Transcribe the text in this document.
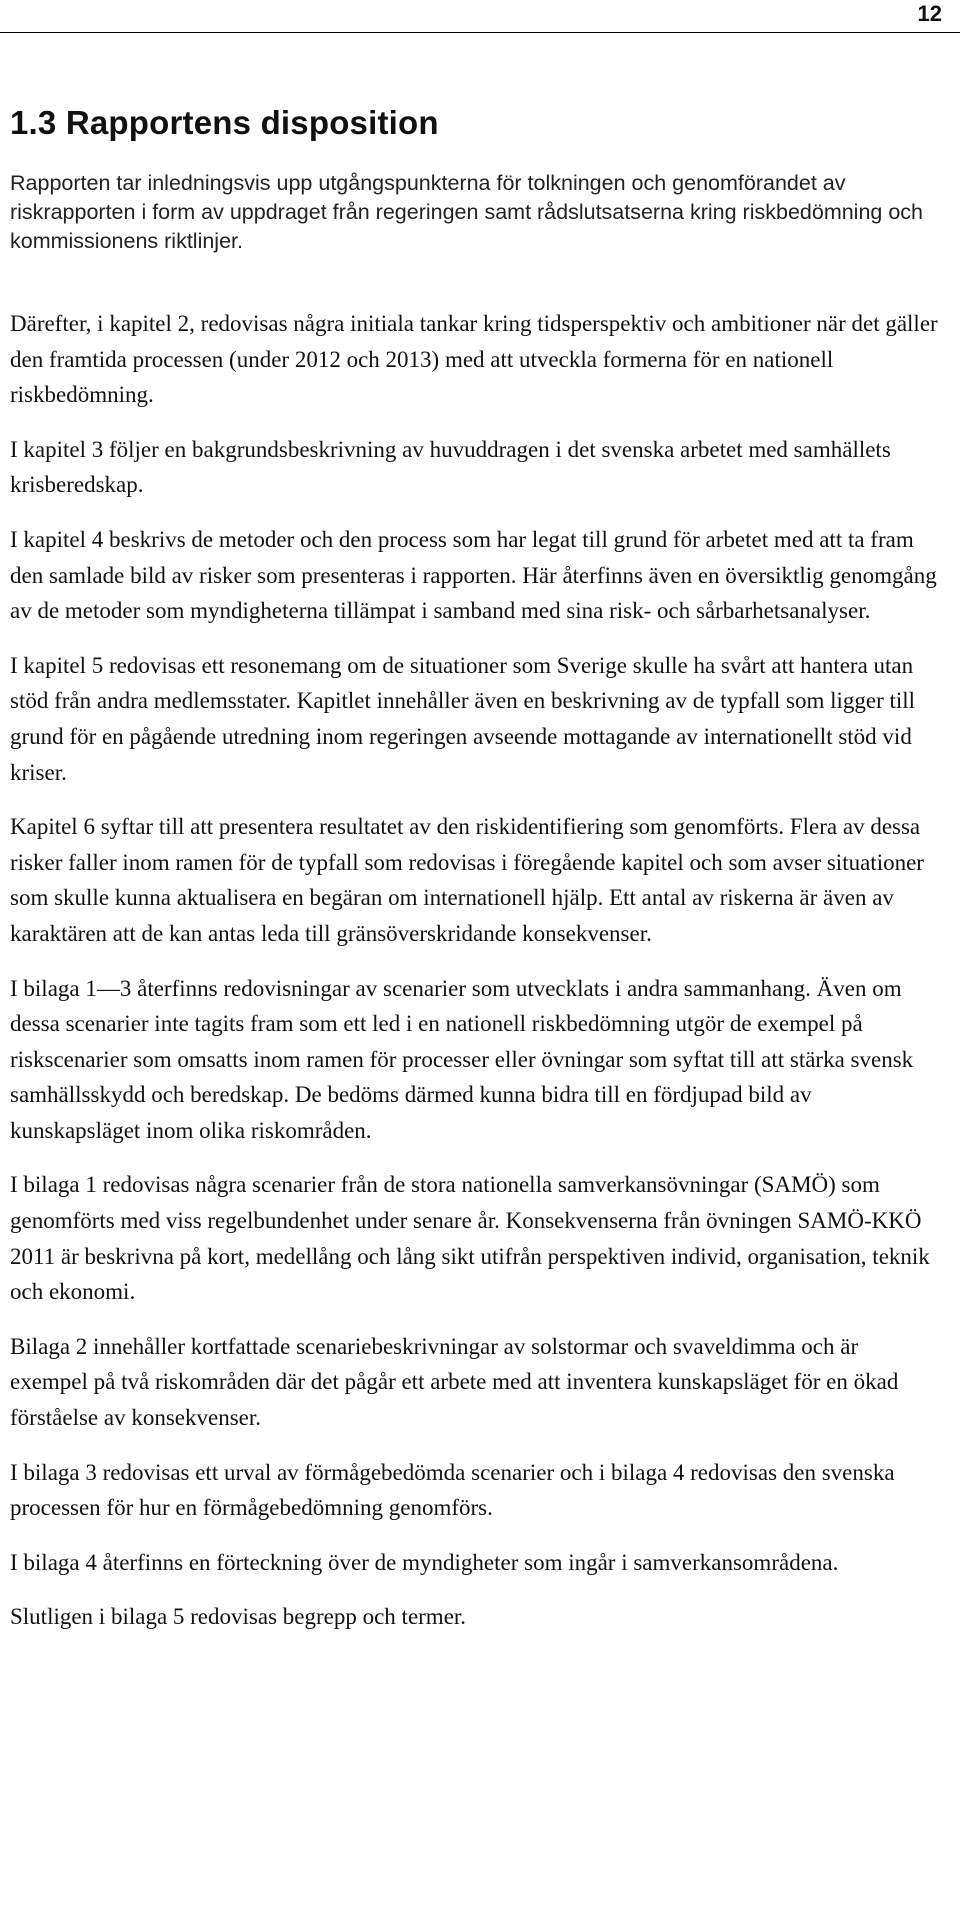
12
1.3 Rapportens disposition

Rapporten tar inledningsvis upp utgångspunkterna för tolkningen och genomförandet av riskrapporten i form av uppdraget från regeringen samt rådslutsatserna kring riskbedömning och kommissionens riktlinjer.

Därefter, i kapitel 2, redovisas några initiala tankar kring tidsperspektiv och ambitioner när det gäller den framtida processen (under 2012 och 2013) med att utveckla formerna för en nationell riskbedömning.

I kapitel 3 följer en bakgrundsbeskrivning av huvuddragen i det svenska arbetet med samhällets krisberedskap.

I kapitel 4 beskrivs de metoder och den process som har legat till grund för arbetet med att ta fram den samlade bild av risker som presenteras i rapporten. Här återfinns även en översiktlig genomgång av de metoder som myndigheterna tillämpat i samband med sina risk- och sårbarhetsanalyser.

I kapitel 5 redovisas ett resonemang om de situationer som Sverige skulle ha svårt att hantera utan stöd från andra medlemsstater. Kapitlet innehåller även en beskrivning av de typfall som ligger till grund för en pågående utredning inom regeringen avseende mottagande av internationellt stöd vid kriser.

Kapitel 6 syftar till att presentera resultatet av den riskidentifiering som genomförts. Flera av dessa risker faller inom ramen för de typfall som redovisas i föregående kapitel och som avser situationer som skulle kunna aktualisera en begäran om internationell hjälp. Ett antal av riskerna är även av karaktären att de kan antas leda till gränsöverskridande konsekvenser.

I bilaga 1—3 återfinns redovisningar av scenarier som utvecklats i andra sammanhang. Även om dessa scenarier inte tagits fram som ett led i en nationell riskbedömning utgör de exempel på riskscenarier som omsatts inom ramen för processer eller övningar som syftat till att stärka svensk samhällsskydd och beredskap. De bedöms därmed kunna bidra till en fördjupad bild av kunskapsläget inom olika riskområden.

I bilaga 1 redovisas några scenarier från de stora nationella samverkansövningar (SAMÖ) som genomförts med viss regelbundenhet under senare år. Konsekvenserna från övningen SAMÖ-KKÖ 2011 är beskrivna på kort, medellång och lång sikt utifrån perspektiven individ, organisation, teknik och ekonomi.

Bilaga 2 innehåller kortfattade scenariebeskrivningar av solstormar och svaveldimma och är exempel på två riskområden där det pågår ett arbete med att inventera kunskapsläget för en ökad förståelse av konsekvenser.

I bilaga 3 redovisas ett urval av förmågebedömda scenarier och i bilaga 4 redovisas den svenska processen för hur en förmågebedömning genomförs.

I bilaga 4 återfinns en förteckning över de myndigheter som ingår i samverkansområdena.

Slutligen i bilaga 5 redovisas begrepp och termer.
